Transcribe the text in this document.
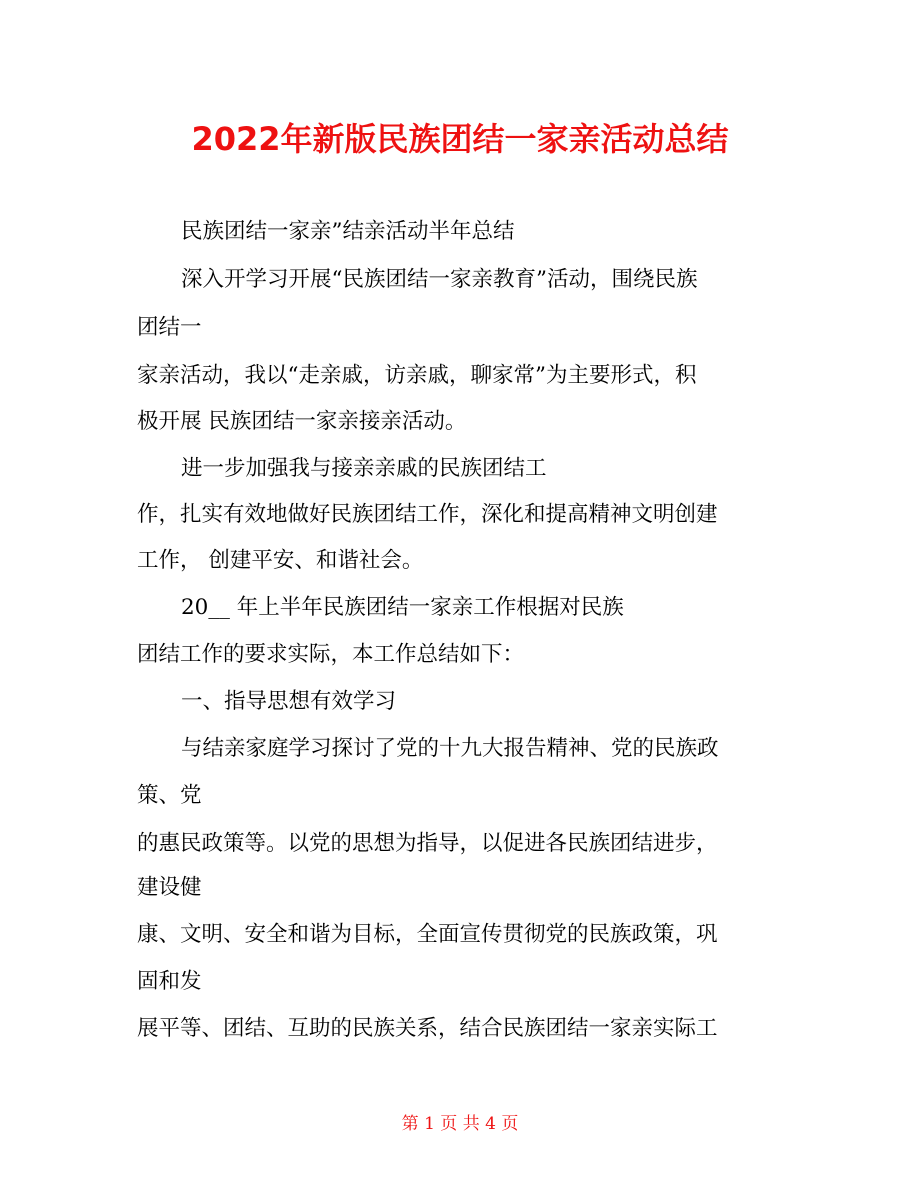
2022年新版民族团结一家亲活动总结
民族团结一家亲”结亲活动半年总结
深入开学习开展“民族团结一家亲教育”活动，围绕民族
团结一
家亲活动，我以“走亲戚，访亲戚，聊家常”为主要形式，积
极开展 民族团结一家亲接亲活动。
进一步加强我与接亲亲戚的民族团结工
作，扎实有效地做好民族团结工作，深化和提高精神文明创建
工作， 创建平安、和谐社会。
20__ 年上半年民族团结一家亲工作根据对民族
团结工作的要求实际，本工作总结如下：
一、指导思想有效学习
与结亲家庭学习探讨了党的十九大报告精神、党的民族政
策、党
的惠民政策等。以党的思想为指导，以促进各民族团结进步，
建设健
康、文明、安全和谐为目标，全面宣传贯彻党的民族政策，巩
固和发
展平等、团结、互助的民族关系，结合民族团结一家亲实际工
第 1 页 共 4 页
